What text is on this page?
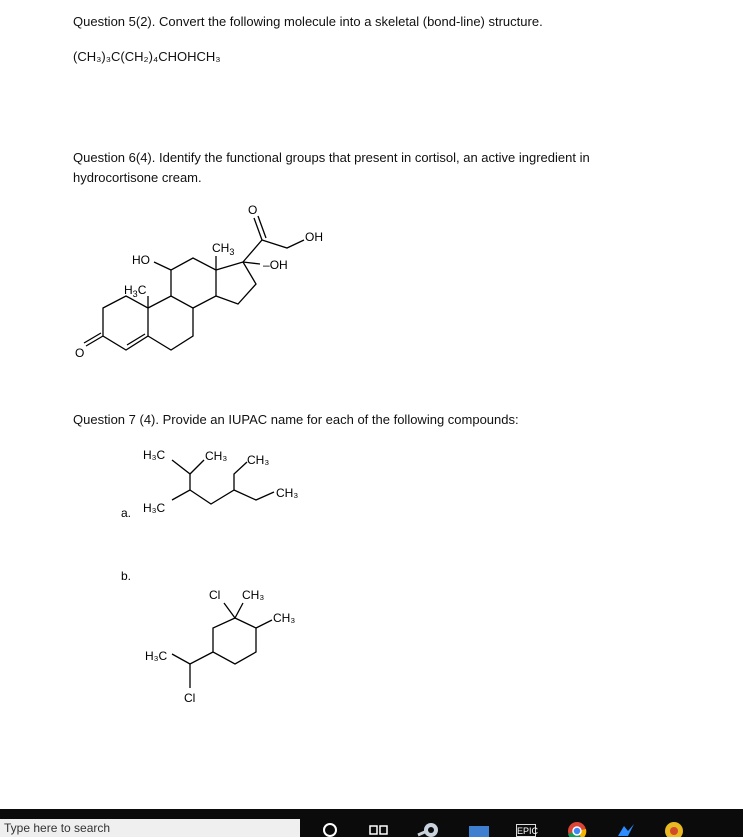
Question 5(2). Convert the following molecule into a skeletal (bond-line) structure.
(CH₃)₃C(CH₂)₄CHOHCH₃
Question 6(4). Identify the functional groups that present in cortisol, an active ingredient in hydrocortisone cream.
Question 7 (4). Provide an IUPAC name for each of the following compounds:
O
OH
$CH_3$
–OH
HO
$H_3C$
O
H₃C	CH₃ CH₃
CH₃
H₃C
a.
Cl CH₃
CH₃
H₃C
Cl
b.
Type here to search	EPIC
